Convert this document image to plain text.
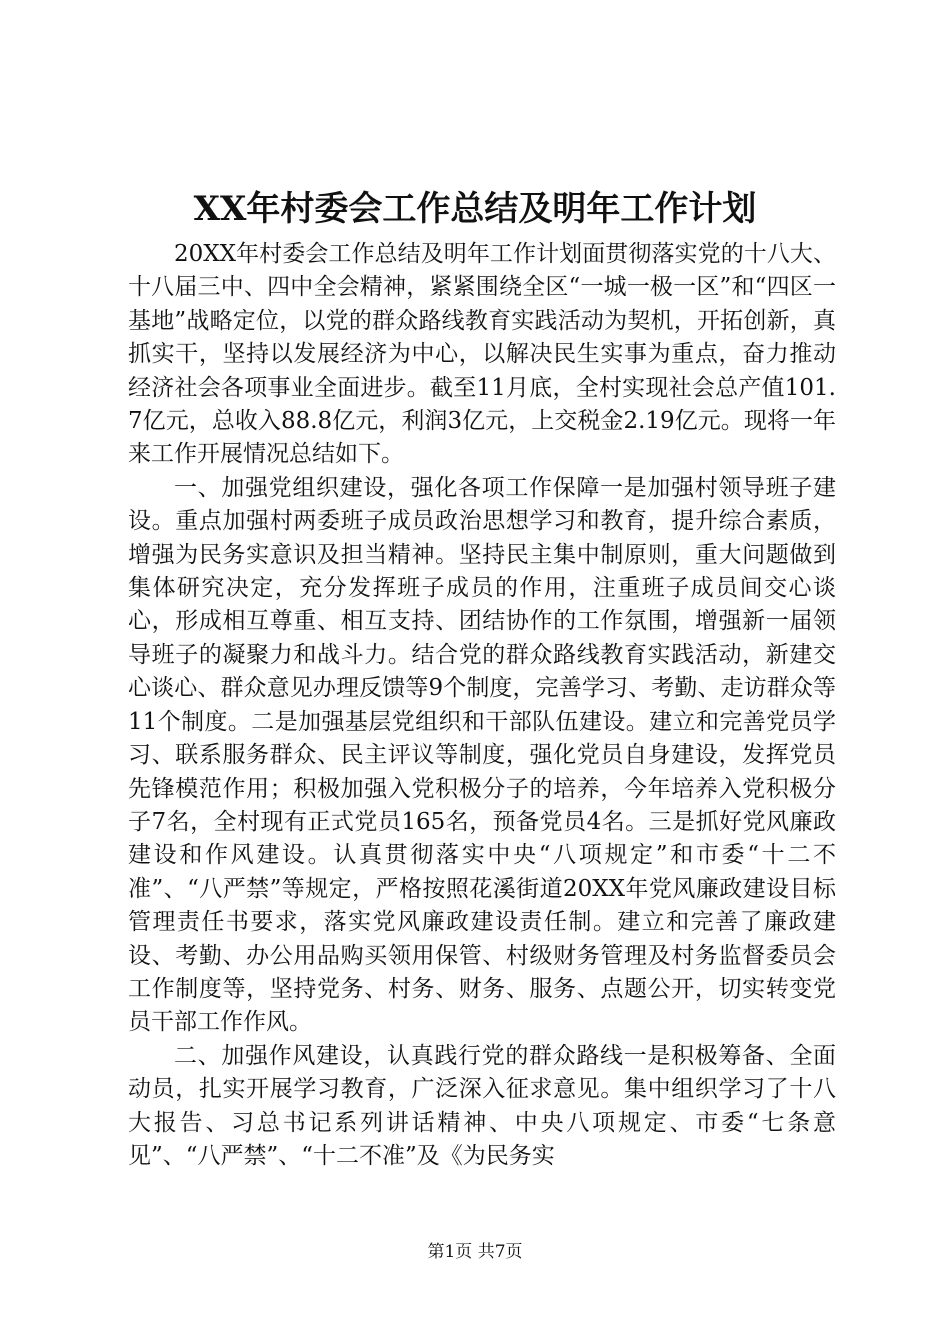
XX年村委会工作总结及明年工作计划

20XX年村委会工作总结及明年工作计划面贯彻落实党的十八大、十八届三中、四中全会精神，紧紧围绕全区“一城一极一区”和“四区一基地”战略定位，以党的群众路线教育实践活动为契机，开拓创新，真抓实干，坚持以发展经济为中心，以解决民生实事为重点，奋力推动经济社会各项事业全面进步。截至11月底，全村实现社会总产值101.7亿元，总收入88.8亿元，利润3亿元，上交税金2.19亿元。现将一年来工作开展情况总结如下。

一、加强党组织建设，强化各项工作保障一是加强村领导班子建设。重点加强村两委班子成员政治思想学习和教育，提升综合素质，增强为民务实意识及担当精神。坚持民主集中制原则，重大问题做到集体研究决定，充分发挥班子成员的作用，注重班子成员间交心谈心，形成相互尊重、相互支持、团结协作的工作氛围，增强新一届领导班子的凝聚力和战斗力。结合党的群众路线教育实践活动，新建交心谈心、群众意见办理反馈等9个制度，完善学习、考勤、走访群众等11个制度。二是加强基层党组织和干部队伍建设。建立和完善党员学习、联系服务群众、民主评议等制度，强化党员自身建设，发挥党员先锋模范作用；积极加强入党积极分子的培养，今年培养入党积极分子7名，全村现有正式党员165名，预备党员4名。三是抓好党风廉政建设和作风建设。认真贯彻落实中央“八项规定”和市委“十二不准”、“八严禁”等规定，严格按照花溪街道20XX年党风廉政建设目标管理责任书要求，落实党风廉政建设责任制。建立和完善了廉政建设、考勤、办公用品购买领用保管、村级财务管理及村务监督委员会工作制度等，坚持党务、村务、财务、服务、点题公开，切实转变党员干部工作作风。

二、加强作风建设，认真践行党的群众路线一是积极筹备、全面动员，扎实开展学习教育，广泛深入征求意见。集中组织学习了十八大报告、习总书记系列讲话精神、中央八项规定、市委“七条意见”、“八严禁”、“十二不准”及《为民务实

第1页 共7页
